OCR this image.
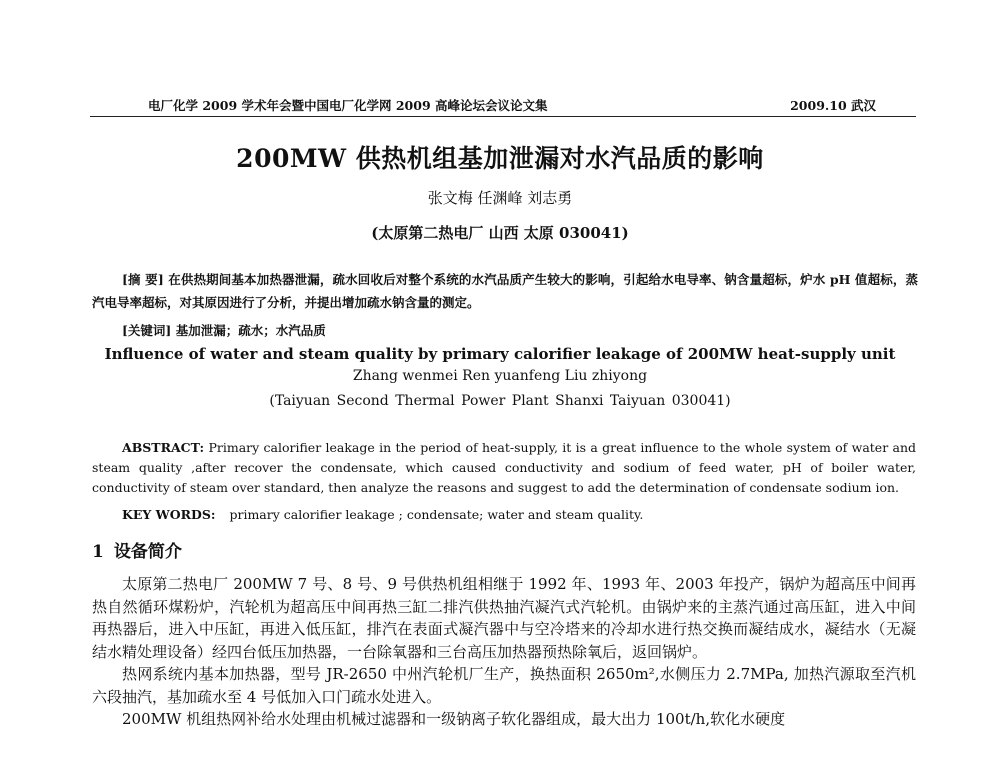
电厂化学 2009 学术年会暨中国电厂化学网 2009 高峰论坛会议论文集	2009.10 武汉
200MW 供热机组基加泄漏对水汽品质的影响
张文梅 任渊峰 刘志勇
(太原第二热电厂 山西 太原 030041)
[摘 要] 在供热期间基本加热器泄漏，疏水回收后对整个系统的水汽品质产生较大的影响，引起给水电导率、钠含量超标，炉水 pH 值超标，蒸汽电导率超标，对其原因进行了分析，并提出增加疏水钠含量的测定。
[关键词] 基加泄漏；疏水；水汽品质
Influence of water and steam quality by primary calorifier leakage of 200MW heat-supply unit
Zhang wenmei Ren yuanfeng Liu zhiyong
(Taiyuan Second Thermal Power Plant Shanxi Taiyuan 030041)
ABSTRACT: Primary calorifier leakage in the period of heat-supply, it is a great influence to the whole system of water and steam quality ,after recover the condensate, which caused conductivity and sodium of feed water, pH of boiler water, conductivity of steam over standard, then analyze the reasons and suggest to add the determination of condensate sodium ion.
KEY WORDS: primary calorifier leakage ; condensate; water and steam quality.
1 设备简介

太原第二热电厂 200MW 7 号、8 号、9 号供热机组相继于 1992 年、1993 年、2003 年投产，锅炉为超高压中间再热自然循环煤粉炉，汽轮机为超高压中间再热三缸二排汽供热抽汽凝汽式汽轮机。由锅炉来的主蒸汽通过高压缸，进入中间再热器后，进入中压缸，再进入低压缸，排汽在表面式凝汽器中与空冷塔来的冷却水进行热交换而凝结成水，凝结水（无凝结水精处理设备）经四台低压加热器，一台除氧器和三台高压加热器预热除氧后，返回锅炉。

热网系统内基本加热器，型号 JR-2650 中州汽轮机厂生产，换热面积 2650m²,水侧压力 2.7MPa, 加热汽源取至汽机六段抽汽，基加疏水至 4 号低加入口门疏水处进入。

200MW 机组热网补给水处理由机械过滤器和一级钠离子软化器组成，最大出力 100t/h,软化水硬度
